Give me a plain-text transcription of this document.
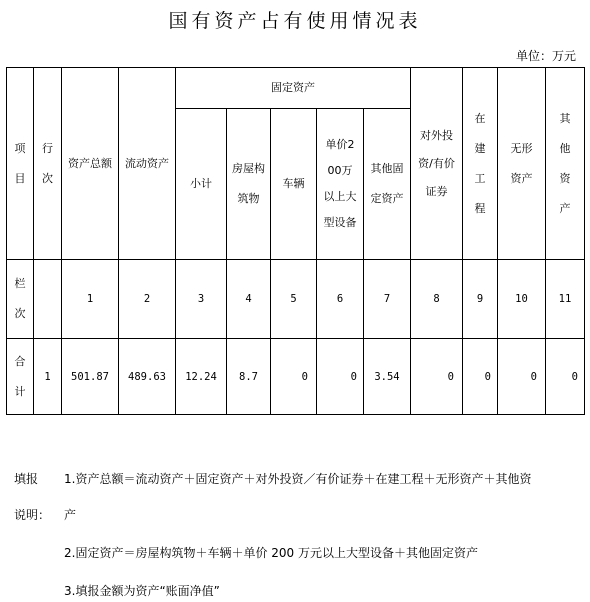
国有资产占有使用情况表
单位：万元
项目	行次	资产总额	流动资产	固定资产					对外投资/有价证券	在建工程	无形资产	其他资产

				小计	房屋构筑物	车辆	单价200万以上大型设备	其他固定资产				

栏次		1	2	3	4	5	6	7	8	9	10	11

合计	1	501.87	489.63	12.24	8.7	0	0	3.54	0	0	0	0
填报 1.资产总额＝流动资产＋固定资产＋对外投资／有价证券＋在建工程＋无形资产＋其他资
说明： 产
2.固定资产＝房屋构筑物＋车辆＋单价 200 万元以上大型设备＋其他固定资产
3.填报金额为资产“账面净值”
